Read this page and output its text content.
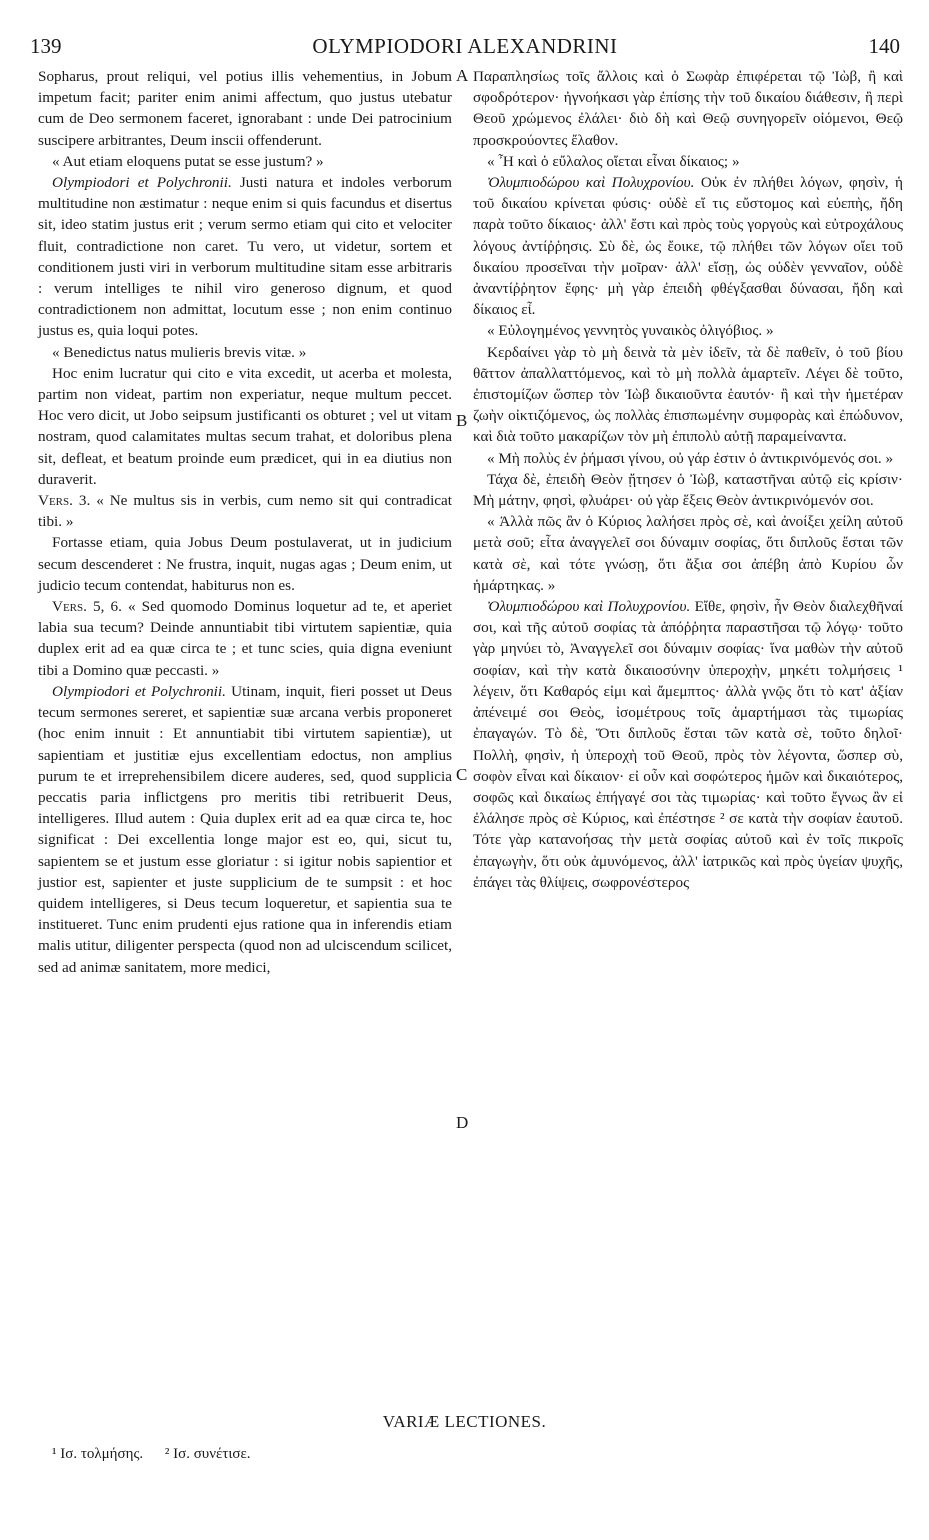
139	OLYMPIODORI ALEXANDRINI	140

Sopharus, prout reliqui, vel potius illis vehementius, in Jobum impetum facit; pariter enim animi affectum, quo justus utebatur cum de Deo sermonem faceret, ignorabant : unde Dei patrocinium suscipere arbitrantes, Deum inscii offenderunt.

« Aut etiam eloquens putat se esse justum? »

Olympiodori et Polychronii. Justi natura et indoles verborum multitudine non æstimatur : neque enim si quis facundus et disertus sit, ideo statim justus erit ; verum sermo etiam qui cito et velociter fluit, contradictione non caret. Tu vero, ut videtur, sortem et conditionem justi viri in verborum multitudine sitam esse arbitraris : verum intelliges te nihil viro generoso dignum, et quod contradictionem non admittat, locutum esse ; non enim continuo justus es, quia loqui potes.

« Benedictus natus mulieris brevis vitæ. »

Hoc enim lucratur qui cito e vita excedit, ut acerba et molesta, partim non videat, partim non experiatur, neque multum peccet. Hoc vero dicit, ut Jobo seipsum justificanti os obturet ; vel ut vitam nostram, quod calamitates multas secum trahat, et doloribus plena sit, defleat, et beatum proinde eum prædicet, qui in ea diutius non duraverit.

Vers. 3. « Ne multus sis in verbis, cum nemo sit qui contradicat tibi. »

Fortasse etiam, quia Jobus Deum postulaverat, ut in judicium secum descenderet : Ne frustra, inquit, nugas agas ; Deum enim, ut judicio tecum contendat, habiturus non es.

Vers. 5, 6. « Sed quomodo Dominus loquetur ad te, et aperiet labia sua tecum? Deinde annuntiabit tibi virtutem sapientiæ, quia duplex erit ad ea quæ circa te ; et tunc scies, quia digna eveniunt tibi a Domino quæ peccasti. »

Olympiodori et Polychronii. Utinam, inquit, fieri posset ut Deus tecum sermones sereret, et sapientiæ suæ arcana verbis proponeret (hoc enim innuit : Et annuntiabit tibi virtutem sapientiæ), ut sapientiam et justitiæ ejus excellentiam edoctus, non amplius purum te et irreprehensibilem dicere auderes, sed, quod supplicia peccatis paria inflictgens pro meritis tibi retribuerit Deus, intelligeres. Illud autem : Quia duplex erit ad ea quæ circa te, hoc significat : Dei excellentia longe major est eo, qui, sicut tu, sapientem se et justum esse gloriatur : si igitur nobis sapientior et justior est, sapienter et juste supplicium de te sumpsit : et hoc quidem intelligeres, si Deus tecum loqueretur, et sapientia sua te institueret. Tunc enim prudenti ejus ratione qua in inferendis etiam malis utitur, diligenter perspecta (quod non ad ulciscendum scilicet, sed ad animæ sanitatem, more medici,

Παραπλησίως τοῖς ἄλλοις καὶ ὁ Σωφὰρ ἐπιφέρεται τῷ Ἰὼβ, ἢ καὶ σφοδρότερον· ἠγνοήκασι γὰρ ἐπίσης τὴν τοῦ δικαίου διάθεσιν, ἣ περὶ Θεοῦ χρώμενος ἐλάλει· διὸ δὴ καὶ Θεῷ συνηγορεῖν οἰόμενοι, Θεῷ προσκρούοντες ἔλαθον.

« Ἦ καὶ ὁ εὔλαλος οἴεται εἶναι δίκαιος; »

Ὀλυμπιοδώρου καὶ Πολυχρονίου. Οὐκ ἐν πλήθει λόγων, φησὶν, ἡ τοῦ δικαίου κρίνεται φύσις· οὐδὲ εἴ τις εὔστομος καὶ εὐεπὴς, ἤδη παρὰ τοῦτο δίκαιος· ἀλλ' ἔστι καὶ πρὸς τοὺς γοργοὺς καὶ εὐτροχάλους λόγους ἀντίῤῥησις. Σὺ δὲ, ὡς ἔοικε, τῷ πλήθει τῶν λόγων οἴει τοῦ δικαίου προσεῖναι τὴν μοῖραν· ἀλλ' εἴσῃ, ὡς οὐδὲν γενναῖον, οὐδὲ ἀναντίῤῥητον ἔφης· μὴ γὰρ ἐπειδὴ φθέγξασθαι δύνασαι, ἤδη καὶ δίκαιος εἶ.

« Εὐλογημένος γεννητὸς γυναικὸς ὀλιγόβιος. »

Κερδαίνει γὰρ τὸ μὴ δεινὰ τὰ μὲν ἰδεῖν, τὰ δὲ παθεῖν, ὁ τοῦ βίου θᾶττον ἀπαλλαττόμενος, καὶ τὸ μὴ πολλὰ ἁμαρτεῖν. Λέγει δὲ τοῦτο, ἐπιστομίζων ὥσπερ τὸν Ἰὼβ δικαιοῦντα ἑαυτόν· ἢ καὶ τὴν ἡμετέραν ζωὴν οἰκτιζόμενος, ὡς πολλὰς ἐπισπωμένην συμφορὰς καὶ ἐπώδυνον, καὶ διὰ τοῦτο μακαρίζων τὸν μὴ ἐπιπολὺ αὐτῇ παραμείναντα.

« Μὴ πολὺς ἐν ῥήμασι γίνου, οὐ γάρ ἐστιν ὁ ἀντικρινόμενός σοι. »

Τάχα δὲ, ἐπειδὴ Θεὸν ᾔτησεν ὁ Ἰὼβ, καταστῆναι αὐτῷ εἰς κρίσιν· Μὴ μάτην, φησὶ, φλυάρει· οὐ γὰρ ἕξεις Θεὸν ἀντικρινόμενόν σοι.

« Ἀλλὰ πῶς ἂν ὁ Κύριος λαλήσει πρὸς σὲ, καὶ ἀνοίξει χείλη αὐτοῦ μετὰ σοῦ; εἶτα ἀναγγελεῖ σοι δύναμιν σοφίας, ὅτι διπλοῦς ἔσται τῶν κατὰ σὲ, καὶ τότε γνώσῃ, ὅτι ἄξια σοι ἀπέβη ἀπὸ Κυρίου ὧν ἡμάρτηκας. »

Ὀλυμπιοδώρου καὶ Πολυχρονίου. Εἴθε, φησὶν, ἦν Θεὸν διαλεχθῆναί σοι, καὶ τῆς αὐτοῦ σοφίας τὰ ἀπόῤῥητα παραστῆσαι τῷ λόγῳ· τοῦτο γὰρ μηνύει τὸ, Ἀναγγελεῖ σοι δύναμιν σοφίας· ἵνα μαθὼν τὴν αὐτοῦ σοφίαν, καὶ τὴν κατὰ δικαιοσύνην ὑπεροχὴν, μηκέτι τολμήσεις ¹ λέγειν, ὅτι Καθαρός εἰμι καὶ ἄμεμπτος· ἀλλὰ γνῷς ὅτι τὸ κατ' ἀξίαν ἀπένειμέ σοι Θεὸς, ἰσομέτρους τοῖς ἁμαρτήμασι τὰς τιμωρίας ἐπαγαγών. Τὸ δὲ, Ὅτι διπλοῦς ἔσται τῶν κατὰ σὲ, τοῦτο δηλοῖ· Πολλὴ, φησὶν, ἡ ὑπεροχὴ τοῦ Θεοῦ, πρὸς τὸν λέγοντα, ὥσπερ σὺ, σοφὸν εἶναι καὶ δίκαιον· εἰ οὖν καὶ σοφώτερος ἡμῶν καὶ δικαιότερος, σοφῶς καὶ δικαίως ἐπήγαγέ σοι τὰς τιμωρίας· καὶ τοῦτο ἔγνως ἂν εἰ ἐλάλησε πρὸς σὲ Κύριος, καὶ ἐπέστησε ² σε κατὰ τὴν σοφίαν ἑαυτοῦ. Τότε γὰρ κατανοήσας τὴν μετὰ σοφίας αὐτοῦ καὶ ἐν τοῖς πικροῖς ἐπαγωγὴν, ὅτι οὐκ ἀμυνόμενος, ἀλλ' ἰατρικῶς καὶ πρὸς ὑγείαν ψυχῆς, ἐπάγει τὰς θλίψεις, σωφρονέστερος

A
B
C
D
VARIÆ LECTIONES.
¹ Ισ. τολμήσης. ² Ισ. συνέτισε.
